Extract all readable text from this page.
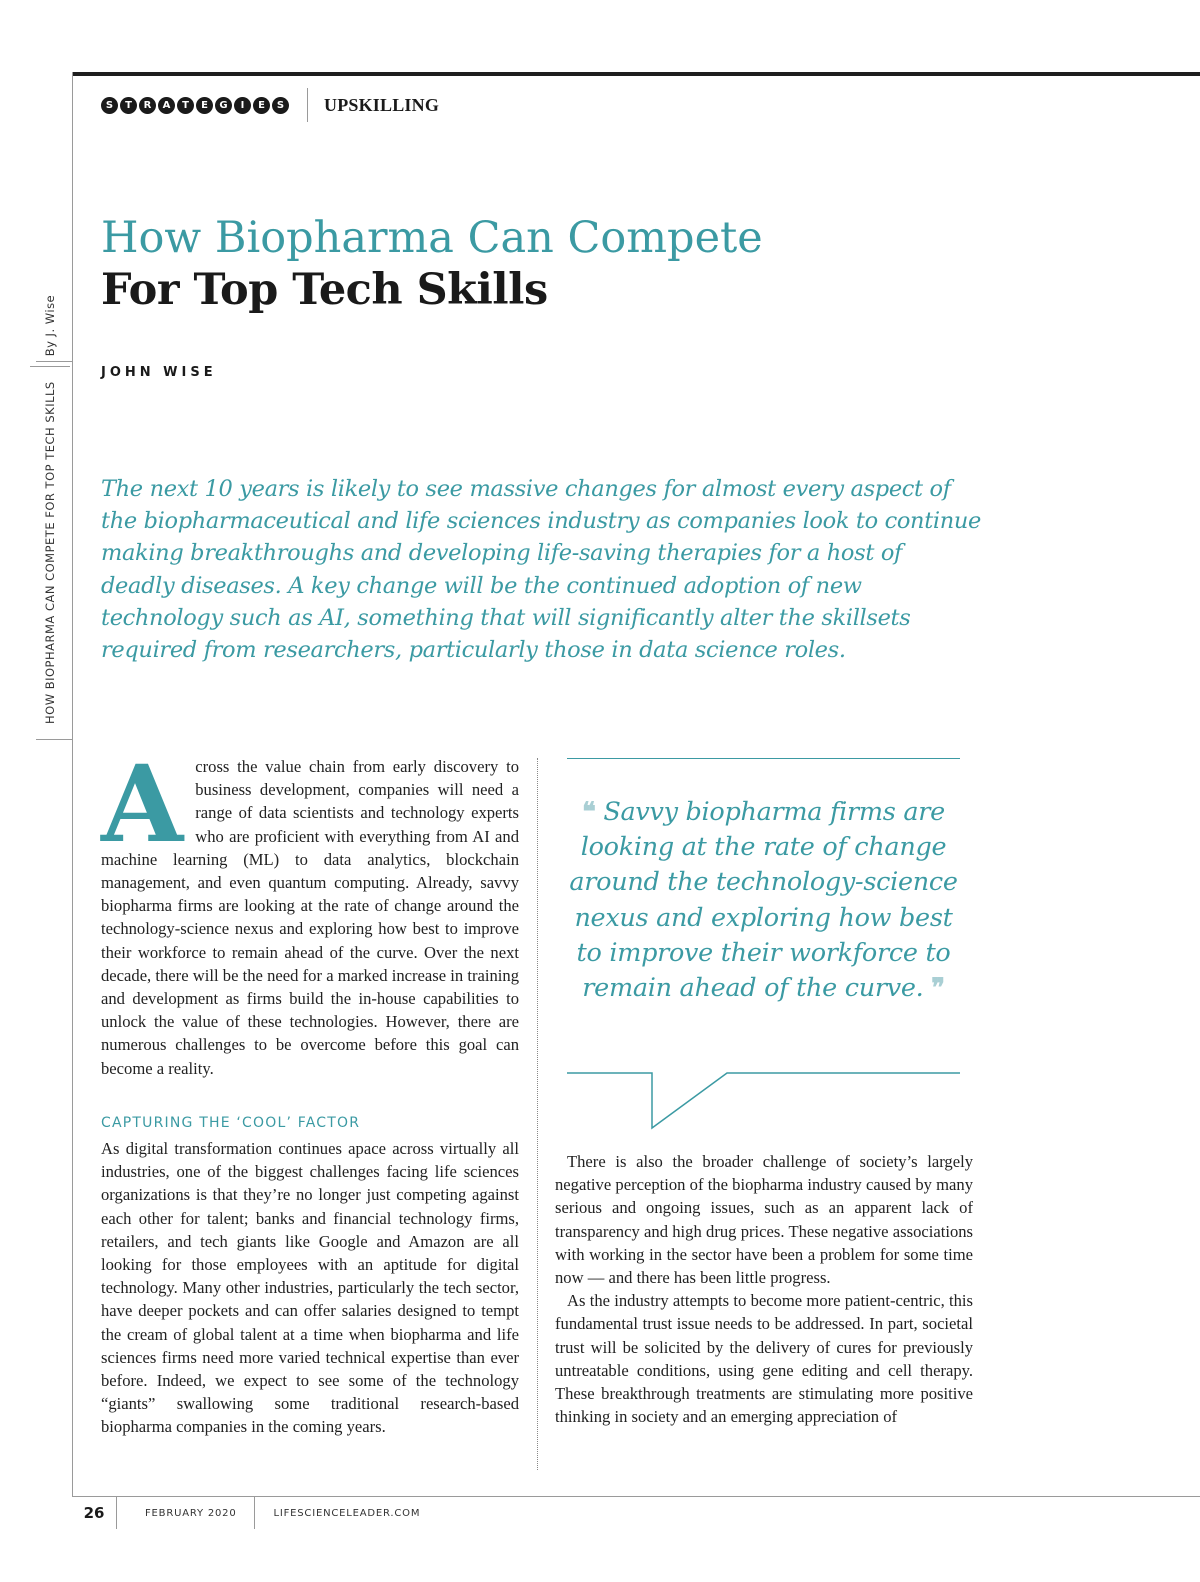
S	T	R	A	T	E	G	I	E	S UPSKILLING
HOW BIOPHARMA CAN COMPETE FOR TOP TECH SKILLS
By J. Wise
How Biopharma Can Compete
For Top Tech Skills
JOHN WISE

The next 10 years is likely to see massive changes for almost every aspect of the biopharmaceutical and life sciences industry as companies look to continue making breakthroughs and developing life-saving therapies for a host of deadly diseases. A key change will be the continued adoption of new technology such as AI, something that will significantly alter the skillsets required from researchers, particularly those in data science roles.

Across the value chain from early discovery to business development, companies will need a range of data scientists and technology experts who are proficient with everything from AI and machine learning (ML) to data analytics, blockchain management, and even quantum computing. Already, savvy biopharma firms are looking at the rate of change around the technology-science nexus and exploring how best to improve their workforce to remain ahead of the curve. Over the next decade, there will be the need for a marked increase in training and development as firms build the in-house capabilities to unlock the value of these technologies. However, there are numerous challenges to be overcome before this goal can become a reality.

CAPTURING THE ‘COOL’ FACTOR

As digital transformation continues apace across virtually all industries, one of the biggest challenges facing life sciences organizations is that they’re no longer just competing against each other for talent; banks and financial technology firms, retailers, and tech giants like Google and Amazon are all looking for those employees with an aptitude for digital technology. Many other industries, particularly the tech sector, have deeper pockets and can offer salaries designed to tempt the cream of global talent at a time when biopharma and life sciences firms need more varied technical expertise than ever before. Indeed, we expect to see some of the technology “giants” swallowing some traditional research-based biopharma companies in the coming years.

❝ Savvy biopharma firms are looking at the rate of change around the technology-science nexus and exploring how best to improve their workforce to remain ahead of the curve. ❞

There is also the broader challenge of society’s largely negative perception of the biopharma industry caused by many serious and ongoing issues, such as an apparent lack of transparency and high drug prices. These negative associations with working in the sector have been a problem for some time now — and there has been little progress.

As the industry attempts to become more patient-centric, this fundamental trust issue needs to be addressed. In part, societal trust will be solicited by the delivery of cures for previously untreatable conditions, using gene editing and cell therapy. These breakthrough treatments are stimulating more positive thinking in society and an emerging appreciation of

26	FEBRUARY 2020	LIFESCIENCELEADER.COM
